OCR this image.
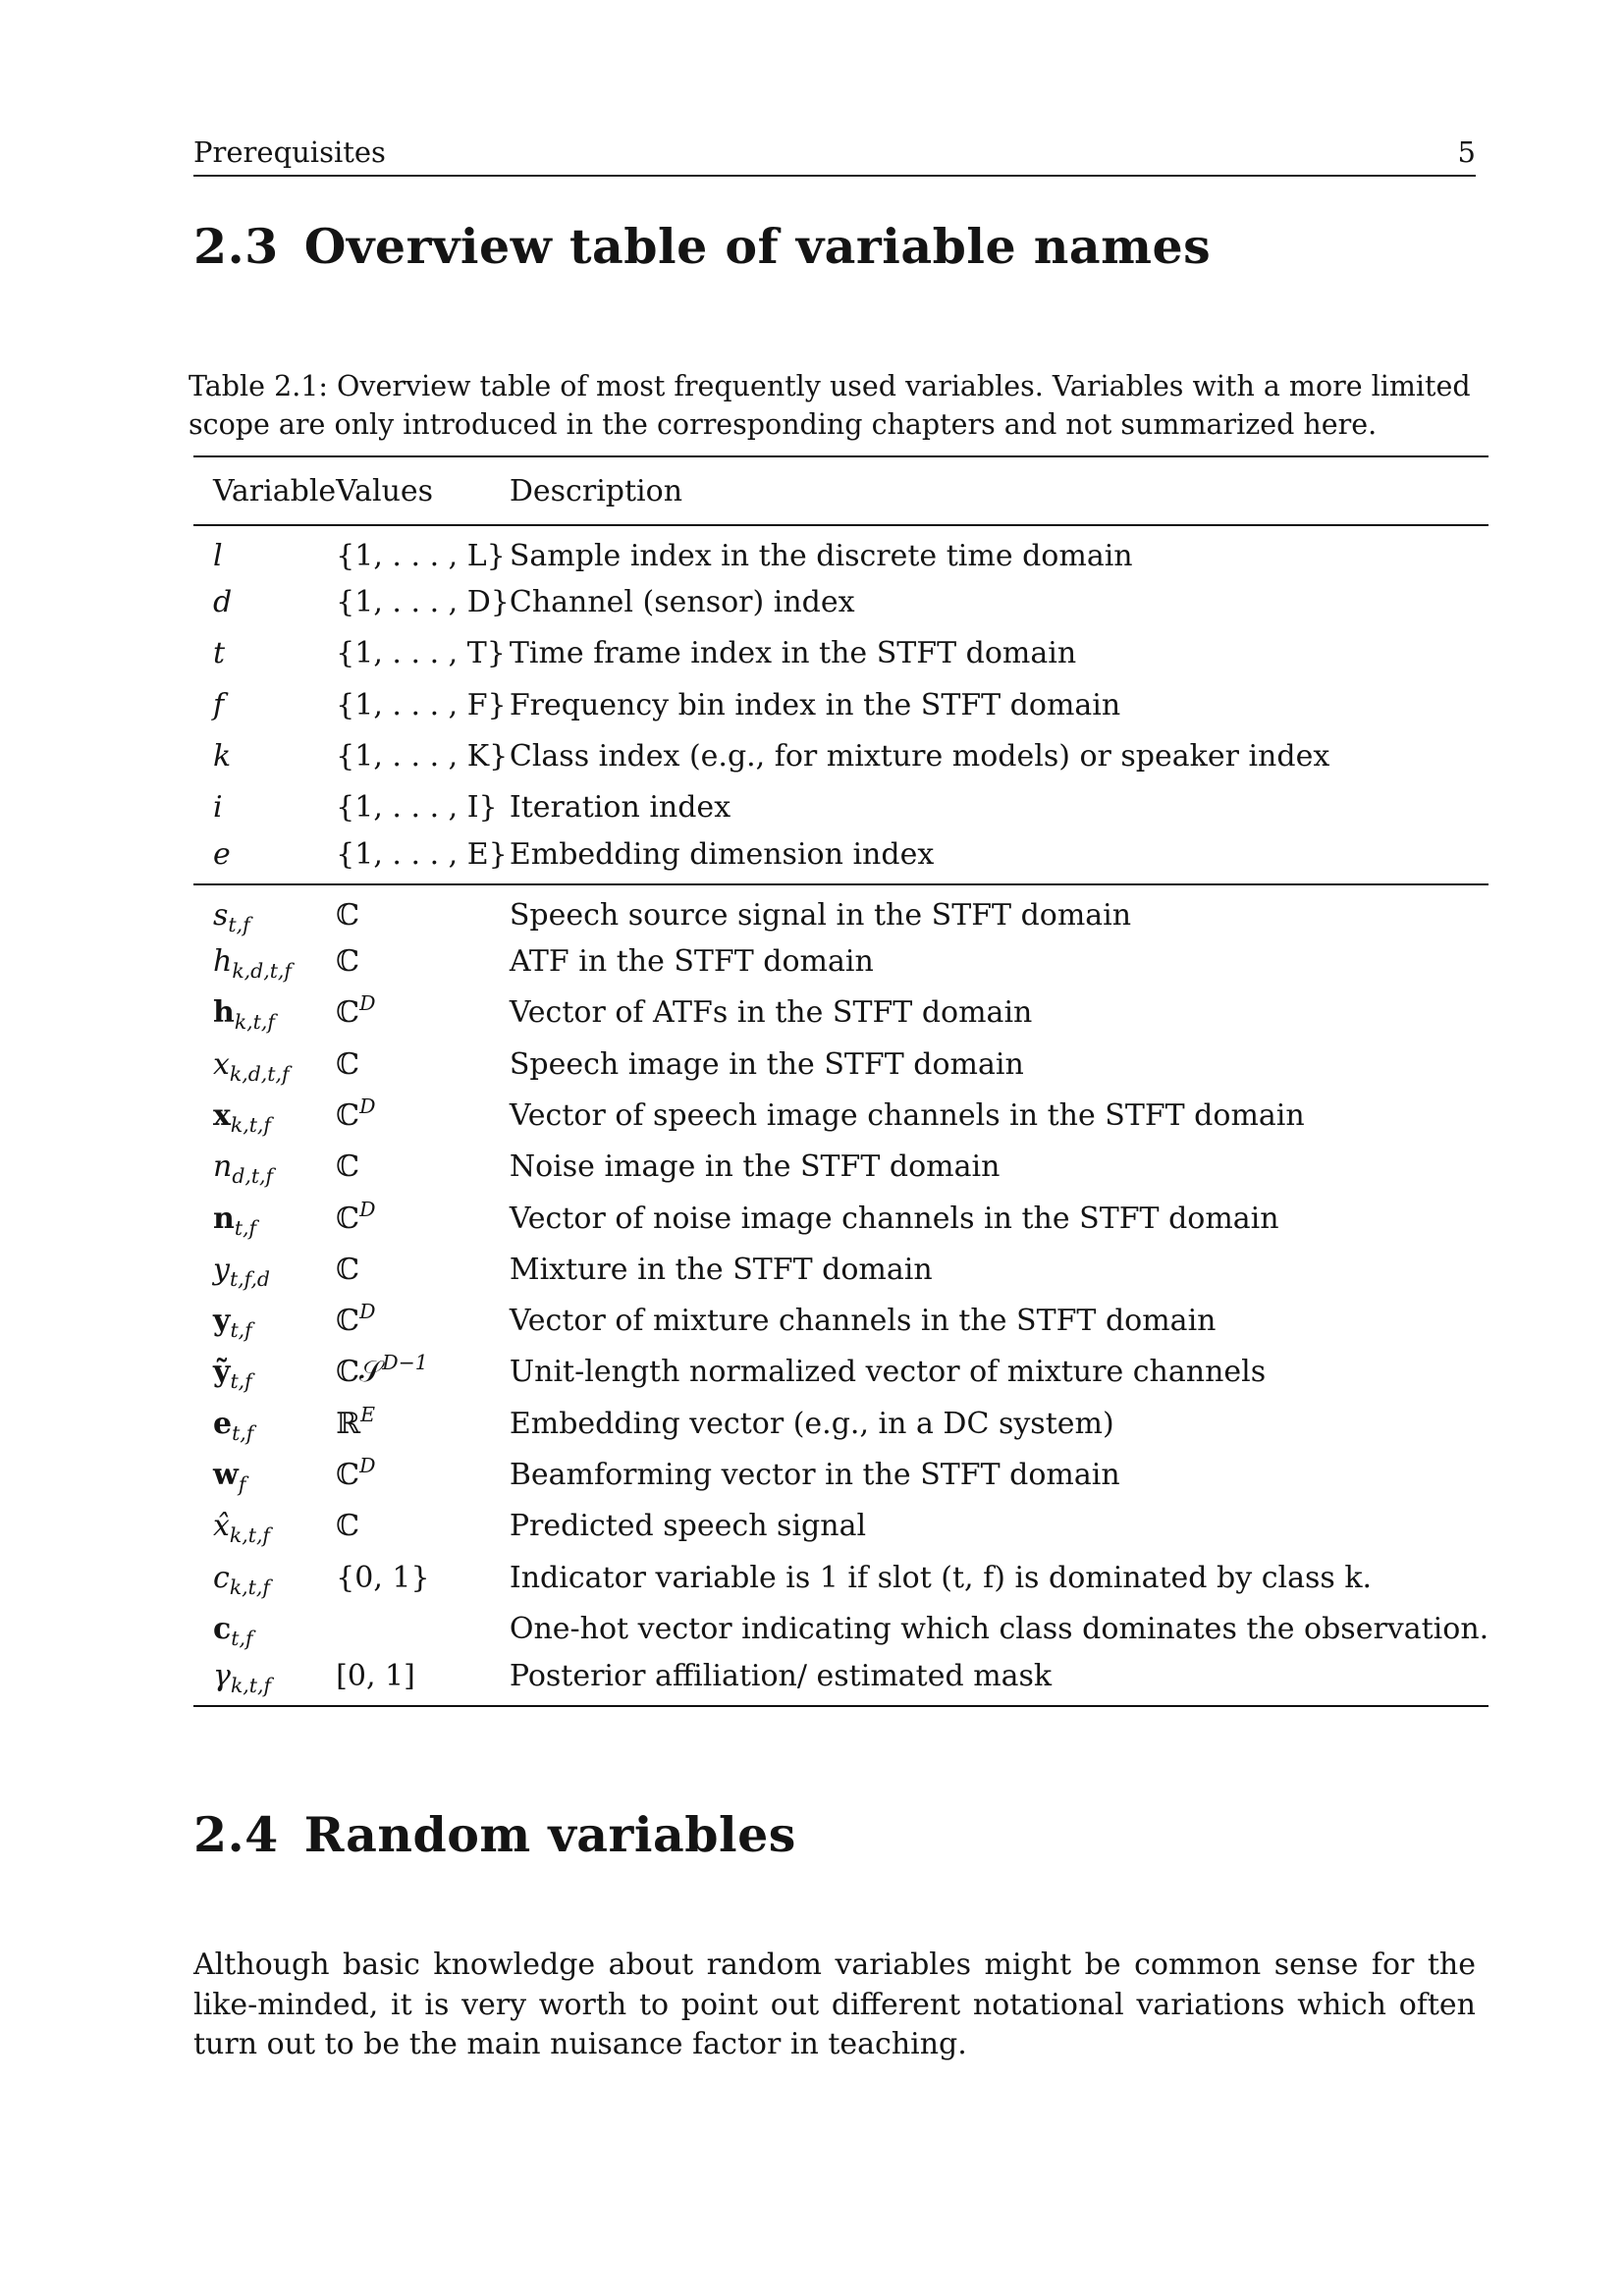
Prerequisites	5
2.3 Overview table of variable names
Table 2.1: Overview table of most frequently used variables. Variables with a more limited scope are only introduced in the corresponding chapters and not summarized here.
Variable	Values	Description
l	{1, . . . , L}	Sample index in the discrete time domain
d	{1, . . . , D}	Channel (sensor) index
t	{1, . . . , T}	Time frame index in the STFT domain
f	{1, . . . , F}	Frequency bin index in the STFT domain
k	{1, . . . , K}	Class index (e.g., for mixture models) or speaker index
i	{1, . . . , I}	Iteration index
e	{1, . . . , E}	Embedding dimension index
$s_{t,f}$	ℂ	Speech source signal in the STFT domain
$h_{k,d,t,f}$	ℂ	ATF in the STFT domain
$h_{k,t,f}$	ℂ$^D$	Vector of ATFs in the STFT domain
$x_{k,d,t,f}$	ℂ	Speech image in the STFT domain
$x_{k,t,f}$	ℂ$^D$	Vector of speech image channels in the STFT domain
$n_{d,t,f}$	ℂ	Noise image in the STFT domain
$n_{t,f}$	ℂ$^D$	Vector of noise image channels in the STFT domain
$y_{t,f,d}$	ℂ	Mixture in the STFT domain
$y_{t,f}$	ℂ$^D$	Vector of mixture channels in the STFT domain
ỹ$_{t,f}$	ℂ𝒮$^{D-1}$	Unit-length normalized vector of mixture channels
$e_{t,f}$	ℝ$^E$	Embedding vector (e.g., in a DC system)
$w_f$	ℂ$^D$	Beamforming vector in the STFT domain
$x̂_{k,t,f}$	ℂ	Predicted speech signal
$c_{k,t,f}$	{0, 1}	Indicator variable is 1 if slot (t, f) is dominated by class k.
$c_{t,f}$		One-hot vector indicating which class dominates the observation.
$\gamma_{k,t,f}$	[0, 1]	Posterior affiliation/ estimated mask
2.4 Random variables

Although basic knowledge about random variables might be common sense for the like-minded, it is very worth to point out different notational variations which often turn out to be the main nuisance factor in teaching.
